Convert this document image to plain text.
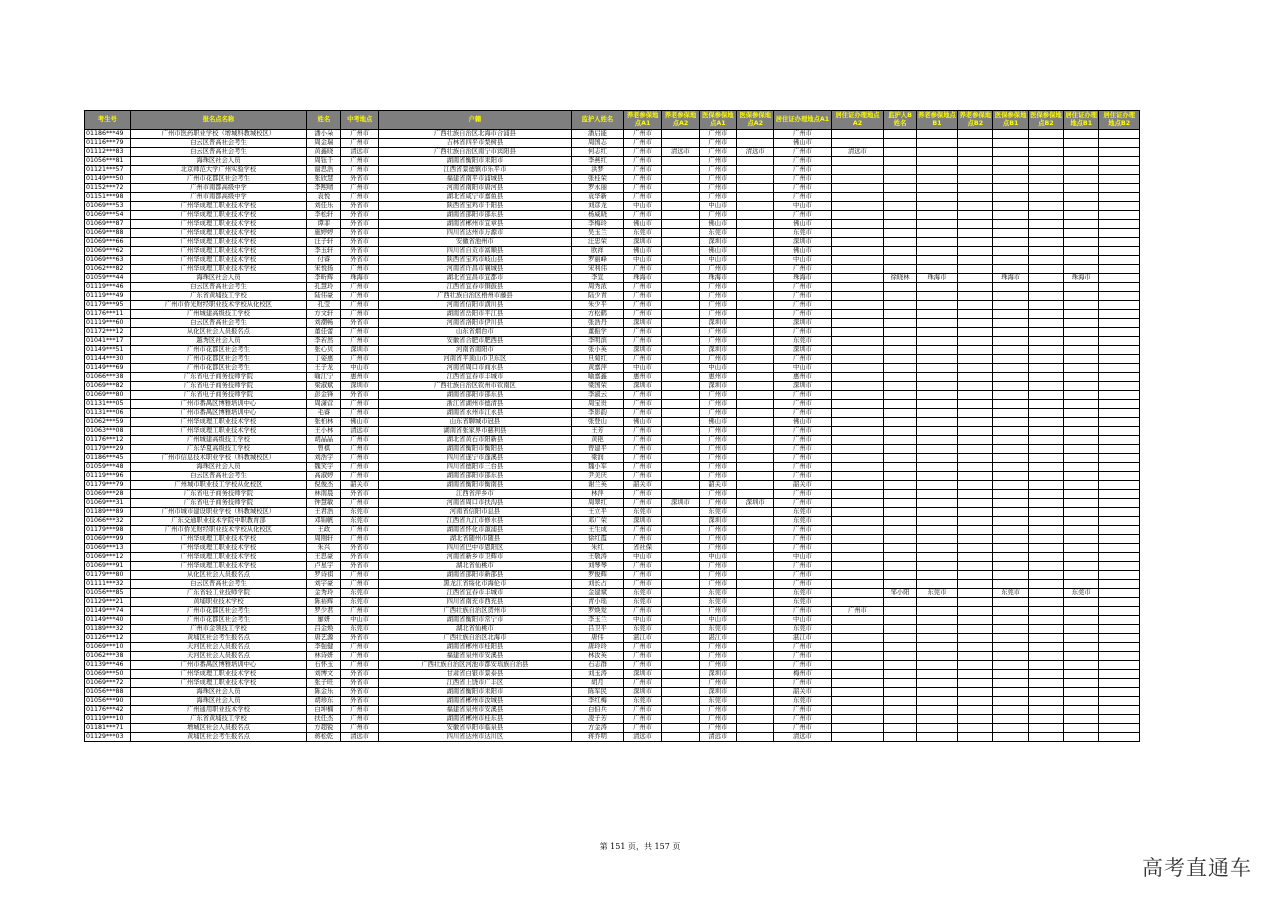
考生号	报名点名称	姓名	中考地点	户籍	监护人姓名	养老参保地点A1	养老参保地点A2	医保参保地点A1	医保参保地点A2	居住证办理地点A1	居住证办理地点A2	监护人B姓名	养老参保地点B1	养老参保地点B2	医保参保地点B1	医保参保地点B2	居住证办理地点B1	居住证办理地点B2
01186***49	广州市医药职业学校（增城科教城校区）	潘小朵	广州市	广西壮族自治区北海市合浦县	潘启能	广州市		广州市		广州市								
01116***79	白云区普高社会考生	周金瑞	广州市	吉林省四平市梨树县	周国志	广州市		广州市		佛山市								
01112***83	白云区普高社会考生	黄鑫晓	清远市	广西壮族自治区南宁市宾阳县	何志红	广州市	清远市	广州市	清远市	广州市	清远市							
01056***81	海珠区社会人员	周钰千	广州市	湖南省衡阳市耒阳市	李燕红	广州市		广州市		广州市								
01121***57	北京师范大学广州实验学校	谢思浩	广州市	江西省景德镇市乐平市	洪梦	广州市		广州市		广州市								
01149***50	广州市花都区社会考生	张欣慧	外省市	福建省南平市浦城县	张桂荣	广州市		广州市		广州市								
01152***72	广州市南都高级中学	李熙晴	广州市	河南省南阳市唐河县	罗永丽	广州市		广州市		广州市								
01151***98	广州市南都高级中学	袁悦	广州市	湖北省咸宁市嘉鱼县	袁华新	广州市		广州市		广州市								
01069***53	广州华成理工职业技术学校	刘佳乐	外省市	陕西省宝鸡市千阳县	刘彦龙	中山市		中山市		中山市								
01069***54	广州华成理工职业技术学校	李松轩	外省市	湖南省邵阳市邵东县	杨威晓	广州市		广州市		广州市								
01069***87	广州华成理工职业技术学校	谭菲	外省市	湖南省郴州市宜章县	李梅玲	佛山市		佛山市		佛山市								
01069***88	广州华成理工职业技术学校	施婷婷	外省市	四川省达州市万源市	吴玉兰	东莞市		东莞市		东莞市								
01069***66	广州华成理工职业技术学校	汪子轩	外省市	安徽省池州市	汪忠荣	深圳市		深圳市		深圳市								
01069***62	广州华成理工职业技术学校	李玉轩	外省市	四川省自贡市富顺县	欧祥	佛山市		佛山市		佛山市								
01069***63	广州华成理工职业技术学校	付睿	外省市	陕西省宝鸡市岐山县	罗丽峰	中山市		中山市		中山市								
01062***82	广州华成理工职业技术学校	宋悦扬	广州市	河南省许昌市襄城县	宋利伟	广州市		广州市		广州市								
01059***44	海珠区社会人员	李昕辉	珠海市	湖北省宜昌市宜都市	李宣	珠海市		珠海市		珠海市		徐晓林	珠海市		珠海市		珠海市	
01119***46	白云区普高社会考生	孔慧玲	广州市	江西省宜春市铜鼓县	周秀浓	广州市		广州市		广州市								
01119***49	广东省黄埔技工学校	陆伟豪	广州市	广西壮族自治区梧州市藤县	陆少青	广州市		广州市		广州市								
01179***95	广州市侨光财经职业技术学校从化校区	孔莹	广州市	河南省信阳市潢川县	朱少平	广州市		广州市		广州市								
01176***11	广州城建高级技工学校	方文轩	广州市	湖南省岳阳市平江县	方松鹤	广州市		广州市		广州市								
01119***60	白云区普高社会考生	刘潮畅	外省市	河南省洛阳市伊川县	张浩丹	深圳市		深圳市		深圳市								
01172***12	从化区社会人员报名点	董佳蕾	广州市	山东省烟台市	董振学	广州市		广州市		广州市								
01041***17	越秀区社会人员	李若然	广州市	安徽省合肥市肥西县	李明滨	广州市		广州市		东莞市								
01149***51	广州市花都区社会考生	张心贝	深圳市	河南省南阳市	张小英	深圳市		深圳市		深圳市								
01144***30	广州市花都区社会考生	丁姿惠	广州市	河南省平顶山市卫东区	旦菊红	广州市		广州市		广州市								
01149***69	广州市花都区社会考生	王子龙	中山市	河南省周口市商水县	黄嘉萍	中山市		中山市		中山市								
01066***38	广东省电子商务技师学院	喻江宁	惠州市	江西省宜春市丰城市	喻嘉鑫	惠州市		惠州市		惠州市								
01069***82	广东省电子商务技师学院	梁淑斌	深圳市	广西壮族自治区钦州市钦南区	梁国荣	深圳市		深圳市		深圳市								
01069***80	广东省电子商务技师学院	彭金锋	外省市	湖南省邵阳市邵东县	李淑云	广州市		广州市		广州市								
01131***05	广州市番禺区博雅培训中心	周潇营	广州市	浙江省湖州市德清县	周宝贵	广州市		广州市		广州市								
01131***06	广州市番禺区博雅培训中心	毛睿	广州市	湖南省永州市江永县	李影韵	广州市		广州市		广州市								
01062***59	广州华成理工职业技术学校	张柏林	佛山市	山东省聊城市冠县	张登山	佛山市		佛山市		佛山市								
01063***08	广州华成理工职业技术学校	王小林	清远市	湖南省张家界市慈利县	王芳	广州市		广州市		广州市								
01176***12	广州城建高级技工学校	胡晶晶	广州市	湖北省黄石市阳新县	黄艳	广州市		广州市		广州市								
01179***29	广东华夏高级技工学校	曾棋	广州市	湖南省衡阳市衡阳县	曾建平	广州市		广州市		广州市								
01186***45	广州市信息技术职业学校（科教城校区）	刘浩宇	广州市	四川省遂宁市蓬溪县	梁润	广州市		广州市		广州市								
01059***48	海珠区社会人员	魏笑宇	广州市	四川省德阳市三台县	魏小军	广州市		广州市		广州市								
01119***96	白云区普高社会考生	高淑婷	广州市	湖南省邵阳市邵东县	尹美庆	广州市		广州市		广州市								
01179***79	广州城市职业技工学校从化校区	倪俊杰	韶关市	湖南省衡阳市衡南县	谢兰英	韶关市		韶关市		韶关市								
01069***28	广东省电子商务技师学院	林南晨	外省市	江西省萍乡市	林萍	广州市		广州市		广州市								
01069***31	广东省电子商务技师学院	钟慧敏	广州市	河南省周口市扶沟县	周翠红	广州市	深圳市	广州市	深圳市	广州市								
01189***89	广州市城市建设职业学校（科教城校区）	王君浩	东莞市	河南省信阳市息县	王立平	东莞市		东莞市		东莞市								
01066***32	广东交通职业技术学院中职教育部	邓锦帆	东莞市	江西省九江市修水县	邓广荣	深圳市		深圳市		东莞市								
01179***98	广州市侨光财经职业技术学校从化校区	王政	广州市	湖南省怀化市溆浦县	王生成	广州市		广州市		广州市								
01069***99	广州华成理工职业技术学校	周刚轩	广州市	湖北省随州市随县	徐红霞	广州市		广州市		广州市								
01069***13	广州华成理工职业技术学校	朱兴	外省市	四川省巴中市恩阳区	朱红	省社保		广州市		广州市								
01069***12	广州华成理工职业技术学校	王思豪	外省市	河南省新乡市卫辉市	王敬涛	中山市		中山市		中山市								
01069***91	广州华成理工职业技术学校	卢星宇	外省市	湖北省仙桃市	刘琴琴	广州市		广州市		广州市								
01179***80	从化区社会人员报名点	罗诗祺	广州市	湖南省邵阳市新邵县	罗俊辉	广州市		广州市		广州市								
01111***32	白云区普高社会考生	刘宇豪	广州市	黑龙江省绥化市海伦市	刘长占	广州市		广州市		广州市								
01056***85	广东省轻工业技师学院	金秀玲	东莞市	江西省宜春市丰城市	金建斌	东莞市		东莞市		东莞市		邹小阳	东莞市		东莞市		东莞市	
01129***21	黄埔职业技术学校	陈裕辉	东莞市	四川省南充市西充县	青小瑶	东莞市		东莞市		东莞市								
01149***74	广州市花都区社会考生	罗少君	广州市	广西壮族自治区贺州市	罗焕爱	广州市		广州市		广州市	广州市							
01149***40	广州市花都区社会考生	廖妍	中山市	湖南省衡阳市常宁市	李玉兰	中山市		中山市		中山市								
01189***32	广州市金领技工学校	吕金焕	东莞市	湖北省仙桃市	吕卫平	东莞市		东莞市		东莞市								
01126***12	黄埔区社会考生报名点	唐艺源	外省市	广西壮族自治区北海市	唐伟	湛江市		湛江市		湛江市								
01069***10	天河区社会人员报名点	李强健	广州市	湖南省郴州市桂阳县	唐玲玲	广州市		广州市		广州市								
01062***38	天河区社会人员报名点	林诗妍	广州市	福建省泉州市安溪县	林汝英	广州市		广州市		广州市								
01139***46	广州市番禺区博雅培训中心	石怀玉	广州市	广西壮族自治区河池市都安瑶族自治县	石志群	广州市		广州市		广州市								
01069***50	广州华成理工职业技术学校	刘博文	外省市	甘肃省白银市景泰县	刘玉涛	深圳市		深圳市		梅州市								
01069***72	广州华成理工职业技术学校	张子旺	外省市	江西省上饶市广丰区	胡月	广州市		广州市		广州市								
01056***88	海珠区社会人员	陈金乐	外省市	湖南省衡阳市耒阳市	陈军民	深圳市		深圳市		韶关市								
01056***90	海珠区社会人员	胡珍东	外省市	湖南省郴州市汝城县	李红梅	东莞市		东莞市		东莞市								
01176***42	广州通用职业技术学校	白坤楠	广州市	福建省泉州市安溪县	白伯兵	广州市		广州市		广州市								
01119***10	广东省黄埔技工学校	扶任杰	广州市	湖南省郴州市桂东县	凌子芳	广州市		广州市		广州市								
01181***71	增城区社会人员报名点	方超锐	广州市	安徽省阜阳市临泉县	方金涛	广州市		广州市		广州市								
01129***03	黄埔区社会考生报名点	蒋松乾	清远市	四川省达州市达川区	蒋乔明	清远市		清远市		清远市								
第 151 页，共 157 页
高考直通车
